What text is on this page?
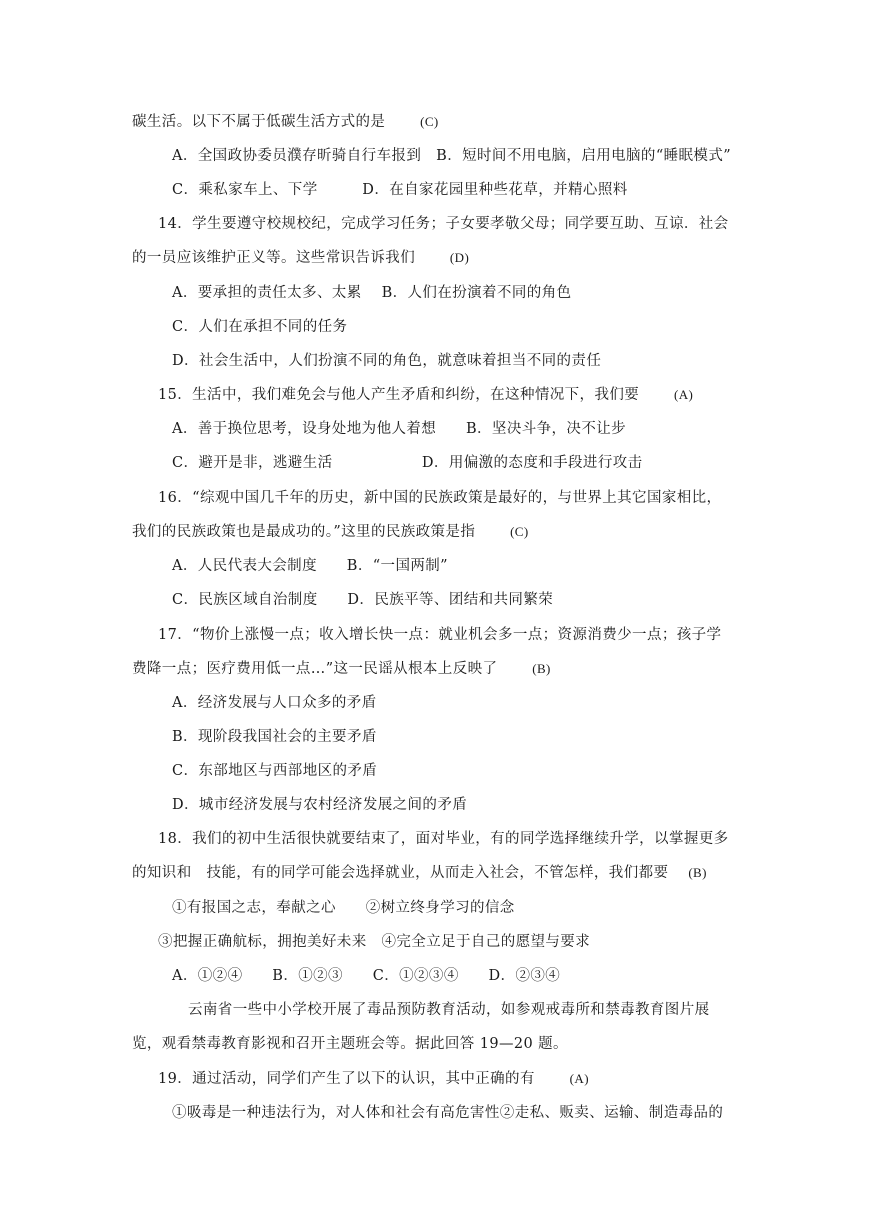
碳生活。以下不属于低碳生活方式的是　　	(C)
A．全国政协委员濮存昕骑自行车报到　B．短时间不用电脑，启用电脑的“睡眠模式”
C．乘私家车上、下学　　　D．在自家花园里种些花草，并精心照料
14．学生要遵守校规校纪，完成学习任务；子女要孝敬父母；同学要互助、互谅．社会
的一员应该维护正义等。这些常识告诉我们　　	(D)
A．要承担的责任太多、太累　 B．人们在扮演着不同的角色
C．人们在承担不同的任务
D．社会生活中，人们扮演不同的角色，就意味着担当不同的责任
15．生活中，我们难免会与他人产生矛盾和纠纷，在这种情况下，我们要　　	(A)
A．善于换位思考，设身处地为他人着想　　B．坚决斗争，决不让步
C．避开是非，逃避生活　　　　　　D．用偏激的态度和手段进行攻击
16．“综观中国几千年的历史，新中国的民族政策是最好的，与世界上其它国家相比，
我们的民族政策也是最成功的。”这里的民族政策是指　　	(C)
A．人民代表大会制度　　B．“一国两制”
C．民族区域自治制度　　D．民族平等、团结和共同繁荣
17．“物价上涨慢一点；收入增长快一点：就业机会多一点；资源消费少一点；孩子学
费降一点；医疗费用低一点…”这一民谣从根本上反映了　　	(B)
A．经济发展与人口众多的矛盾
B．现阶段我国社会的主要矛盾
C．东部地区与西部地区的矛盾
D．城市经济发展与农村经济发展之间的矛盾
18．我们的初中生活很快就要结束了，面对毕业，有的同学选择继续升学，以掌握更多
的知识和　技能，有的同学可能会选择就业，从而走入社会，不管怎样，我们都要　 (B)
①有报国之志，奉献之心　　②树立终身学习的信念
③把握正确航标，拥抱美好未来　④完全立足于自己的愿望与要求
A．①②④　　B．①②③　　C．①②③④　　D．②③④
云南省一些中小学校开展了毒品预防教育活动，如参观戒毒所和禁毒教育图片展
览，观看禁毒教育影视和召开主题班会等。据此回答 19—20 题。
19．通过活动，同学们产生了以下的认识，其中正确的有　　	(A)
①吸毒是一种违法行为，对人体和社会有高危害性②走私、贩卖、运输、制造毒品的
